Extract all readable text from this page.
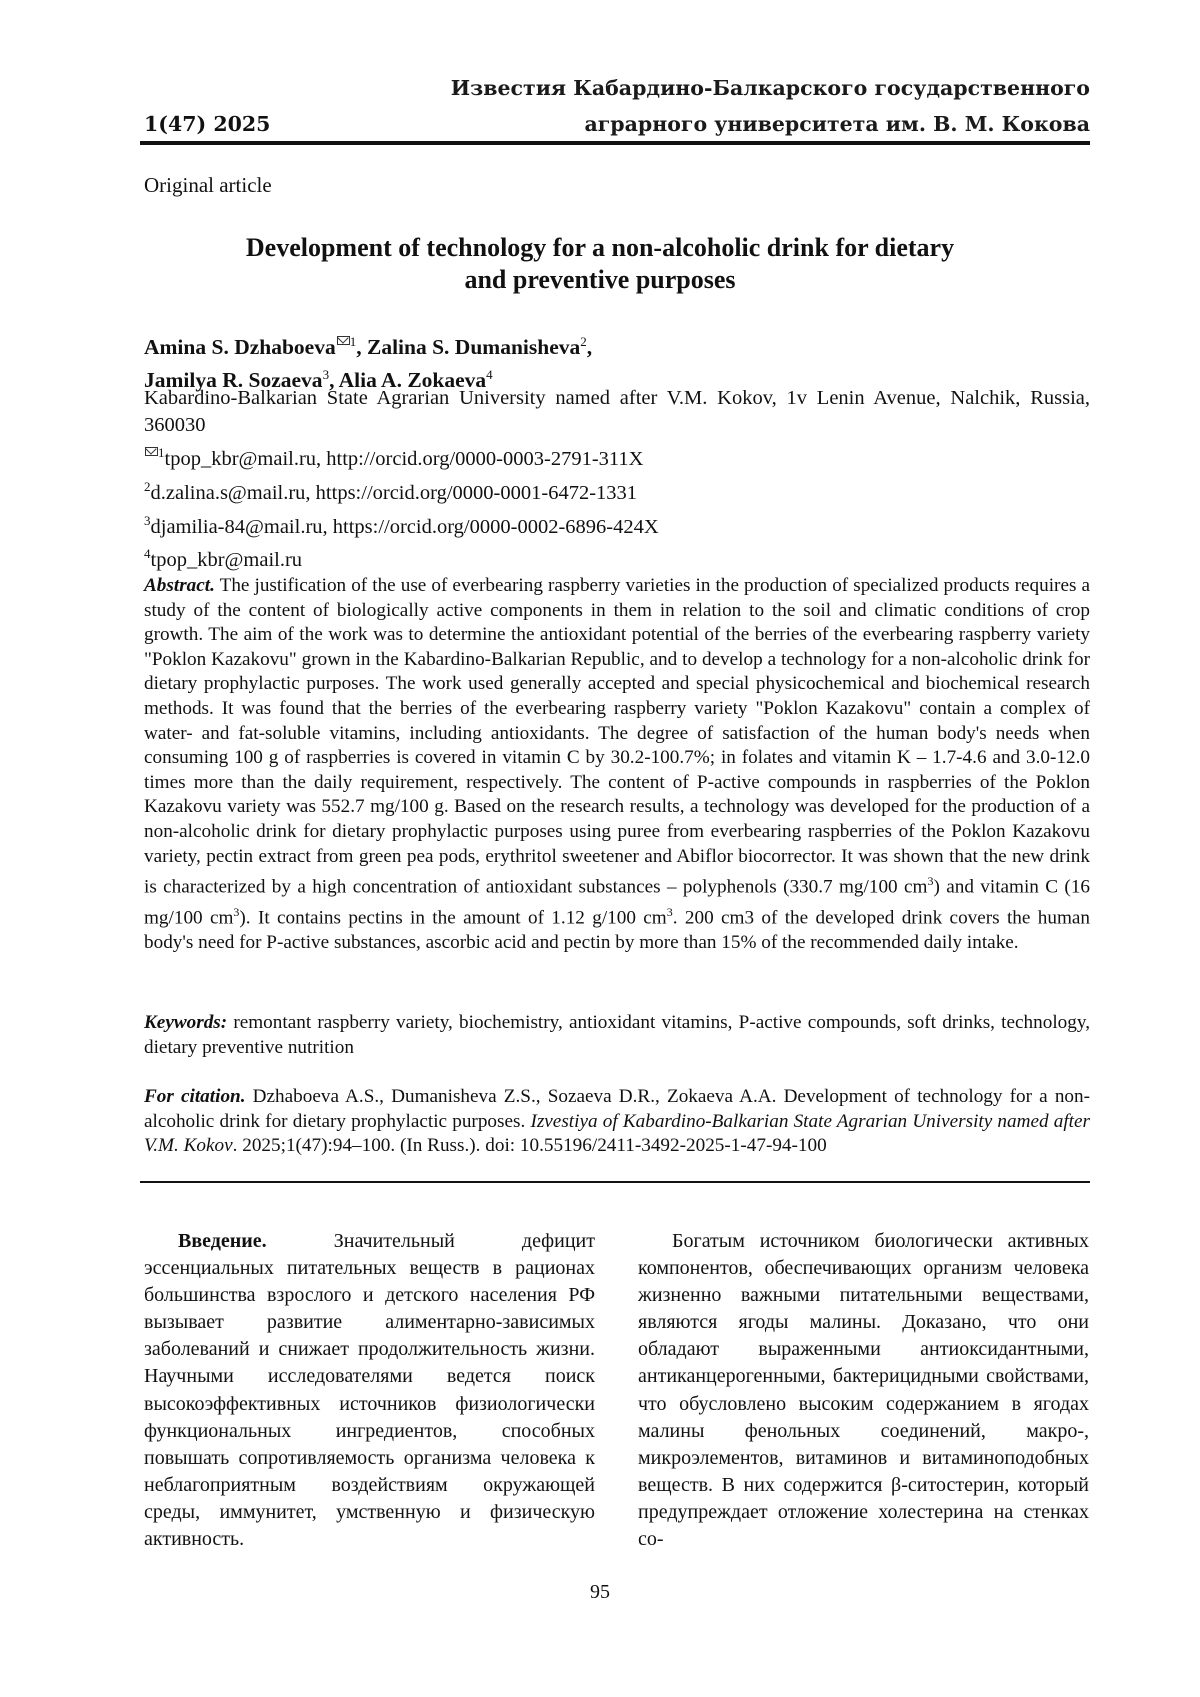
Известия Кабардино-Балкарского государственного
аграрного университета им. В. М. Кокова
1(47) 2025
Original article
Development of technology for a non-alcoholic drink for dietary
and preventive purposes
Amina S. Dzhaboeva $^1$, Zalina S. Dumanisheva$^2$,
Jamilya R. Sozaeva$^3$, Alia A. Zokaeva$^4$
Kabardino-Balkarian State Agrarian University named after V.M. Kokov, 1v Lenin Avenue, Nalchik, Russia, 360030
$^1$tpop_kbr@mail.ru, http://orcid.org/0000-0003-2791-311X
$^2$d.zalina.s@mail.ru, https://orcid.org/0000-0001-6472-1331
$^3$djamilia-84@mail.ru, https://orcid.org/0000-0002-6896-424X
$^4$tpop_kbr@mail.ru
Abstract. The justification of the use of everbearing raspberry varieties in the production of specialized products requires a study of the content of biologically active components in them in relation to the soil and climatic conditions of crop growth. The aim of the work was to determine the antioxidant potential of the berries of the everbearing raspberry variety "Poklon Kazakovu" grown in the Kabardino-Balkarian Republic, and to develop a technology for a non-alcoholic drink for dietary prophylactic purposes. The work used generally accepted and special physicochemical and biochemical research methods. It was found that the berries of the everbearing raspberry variety "Poklon Kazakovu" contain a complex of water- and fat-soluble vitamins, including antioxidants. The degree of satisfaction of the human body's needs when consuming 100 g of raspberries is covered in vitamin C by 30.2-100.7%; in folates and vitamin K – 1.7-4.6 and 3.0-12.0 times more than the daily requirement, respectively. The content of P-active compounds in raspberries of the Poklon Kazakovu variety was 552.7 mg/100 g. Based on the research results, a technology was developed for the production of a non-alcoholic drink for dietary prophylactic purposes using puree from everbearing raspberries of the Poklon Kazakovu variety, pectin extract from green pea pods, erythritol sweetener and Abiflor biocorrector. It was shown that the new drink is characterized by a high concentration of antioxidant substances – polyphenols (330.7 mg/100 $cm^3$) and vitamin C (16 mg/100 $cm^3$). It contains pectins in the amount of 1.12 g/100 $cm^3$. 200 cm3 of the developed drink covers the human body's need for P-active substances, ascorbic acid and pectin by more than 15% of the recommended daily intake.
Keywords: remontant raspberry variety, biochemistry, antioxidant vitamins, P-active compounds, soft drinks, technology, dietary preventive nutrition
For citation. Dzhaboeva A.S., Dumanisheva Z.S., Sozaeva D.R., Zokaeva A.A. Development of technology for a non-alcoholic drink for dietary prophylactic purposes. Izvestiya of Kabardino-Balkarian State Agrarian University named after V.M. Kokov. 2025;1(47):94–100. (In Russ.). doi: 10.55196/2411-3492-2025-1-47-94-100
Введение. Значительный дефицит эссенциальных питательных веществ в рационах большинства взрослого и детского населения РФ вызывает развитие алиментарно-зависимых заболеваний и снижает продолжительность жизни. Научными исследователями ведется поиск высокоэффективных источников физиологически функциональных ингредиентов, способных повышать сопротивляемость организма человека к неблагоприятным воздействиям окружающей среды, иммунитет, умственную и физическую активность.
Богатым источником биологически активных компонентов, обеспечивающих организм человека жизненно важными питательными веществами, являются ягоды малины. Доказано, что они обладают выраженными антиоксидантными, антиканцерогенными, бактерицидными свойствами, что обусловлено высоким содержанием в ягодах малины фенольных соединений, макро-, микроэлементов, витаминов и витаминоподобных веществ. В них содержится β-ситостерин, который предупреждает отложение холестерина на стенках со-
95
